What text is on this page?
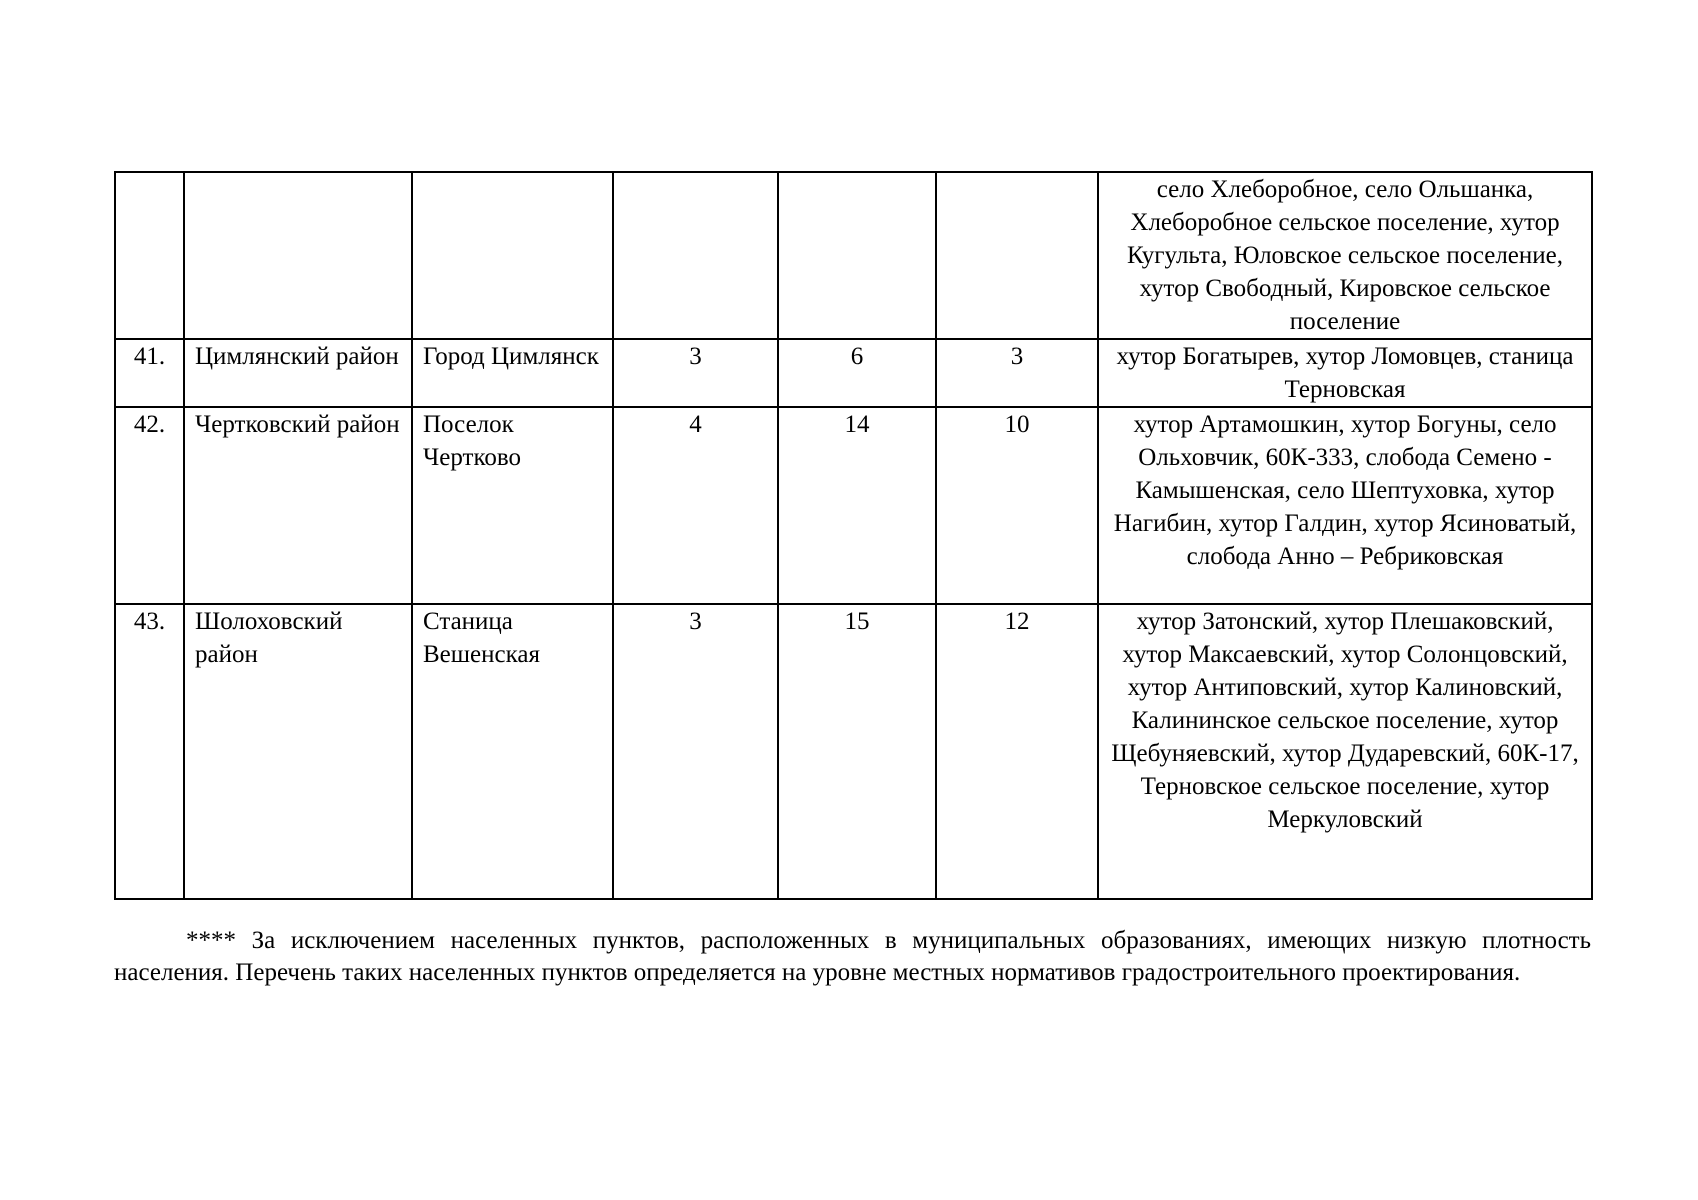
						село Хлеборобное, село Ольшанка, Хлеборобное сельское поселение, хутор Кугульта, Юловское сельское поселение, хутор Свободный, Кировское сельское поселение
41.	Цимлянский район	Город Цимлянск	3	6	3	хутор Богатырев, хутор Ломовцев, станица Терновская
42.	Чертковский район	Поселок Чертково	4	14	10	хутор Артамошкин, хутор Богуны, село Ольховчик, 60К-333, слобода Семено - Камышенская, село Шептуховка, хутор Нагибин, хутор Галдин, хутор Ясиноватый, слобода Анно – Ребриковская
43.	Шолоховский район	Станица Вешенская	3	15	12	хутор Затонский, хутор Плешаковский, хутор Максаевский, хутор Солонцовский, хутор Антиповский, хутор Калиновский, Калининское сельское поселение, хутор Щебуняевский, хутор Дударевский, 60К-17, Терновское сельское поселение, хутор Меркуловский

**** За исключением населенных пунктов, расположенных в муниципальных образованиях, имеющих низкую плотность населения. Перечень таких населенных пунктов определяется на уровне местных нормативов градостроительного проектирования.
